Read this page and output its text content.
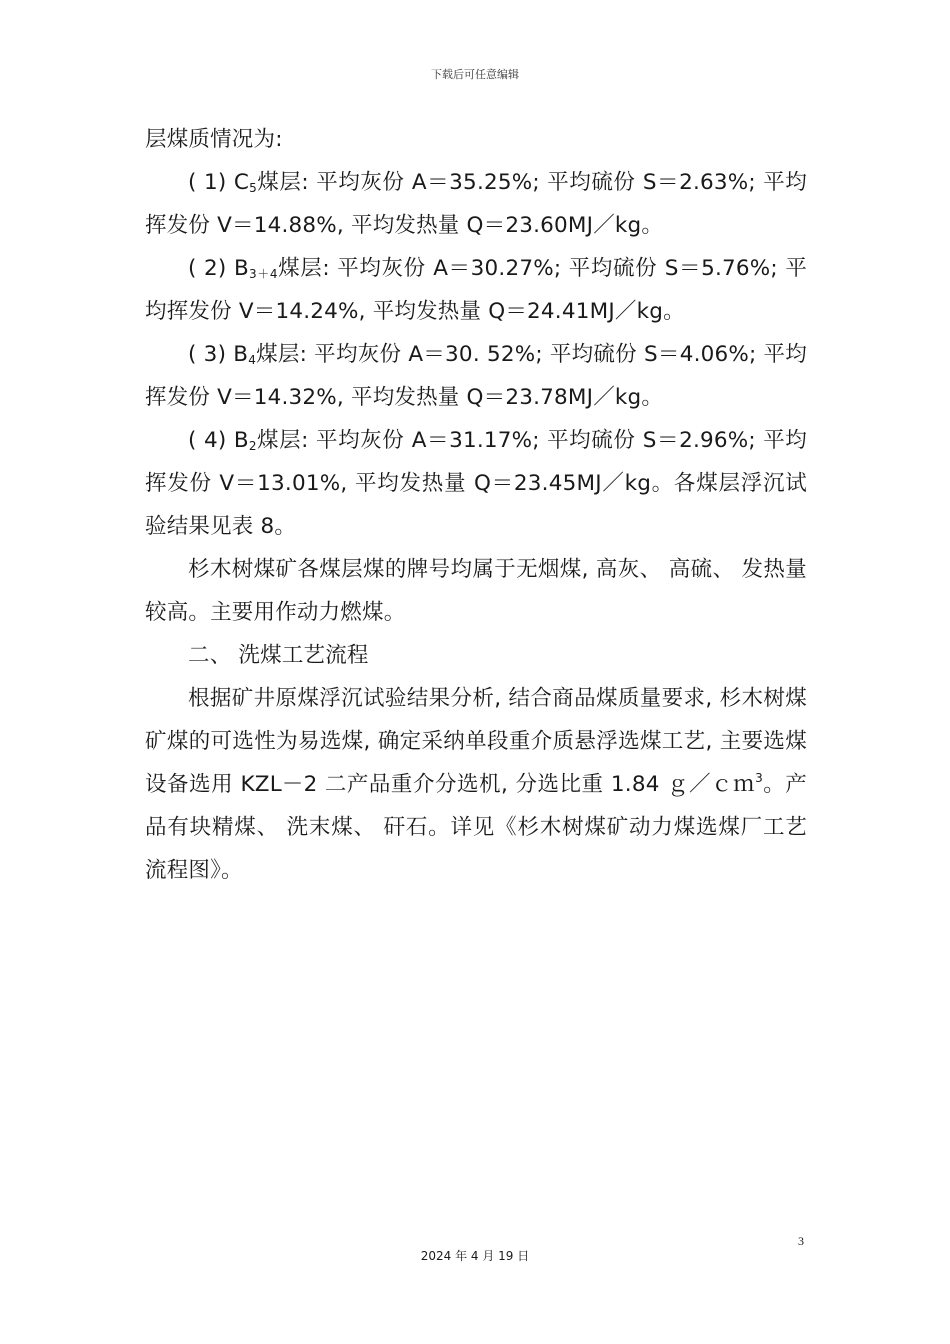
下载后可任意编辑

层煤质情况为:

( 1) $C_5$煤层: 平均灰份 A＝35.25%; 平均硫份 S＝2.63%; 平均挥发份 V＝14.88%, 平均发热量 Q＝23.60MJ／kg。

( 2) $B_{3+4}$煤层: 平均灰份 A＝30.27%; 平均硫份 S＝5.76%; 平均挥发份 V＝14.24%, 平均发热量 Q＝24.41MJ／kg。

( 3) $B_4$煤层: 平均灰份 A＝30. 52%; 平均硫份 S＝4.06%; 平均挥发份 V＝14.32%, 平均发热量 Q＝23.78MJ／kg。

( 4) $B_2$煤层: 平均灰份 A＝31.17%; 平均硫份 S＝2.96%; 平均挥发份 V＝13.01%, 平均发热量 Q＝23.45MJ／kg。各煤层浮沉试验结果见表 8。

杉木树煤矿各煤层煤的牌号均属于无烟煤, 高灰、 高硫、 发热量较高。主要用作动力燃煤。

二、 洗煤工艺流程

根据矿井原煤浮沉试验结果分析, 结合商品煤质量要求, 杉木树煤矿煤的可选性为易选煤, 确定采纳单段重介质悬浮选煤工艺, 主要选煤设备选用 KZL－2 二产品重介分选机, 分选比重 1.84 ｇ／ｃｍ$^3$。产品有块精煤、 洗末煤、 矸石。详见《杉木树煤矿动力煤选煤厂工艺流程图》。

3
2024 年 4 月 19 日
